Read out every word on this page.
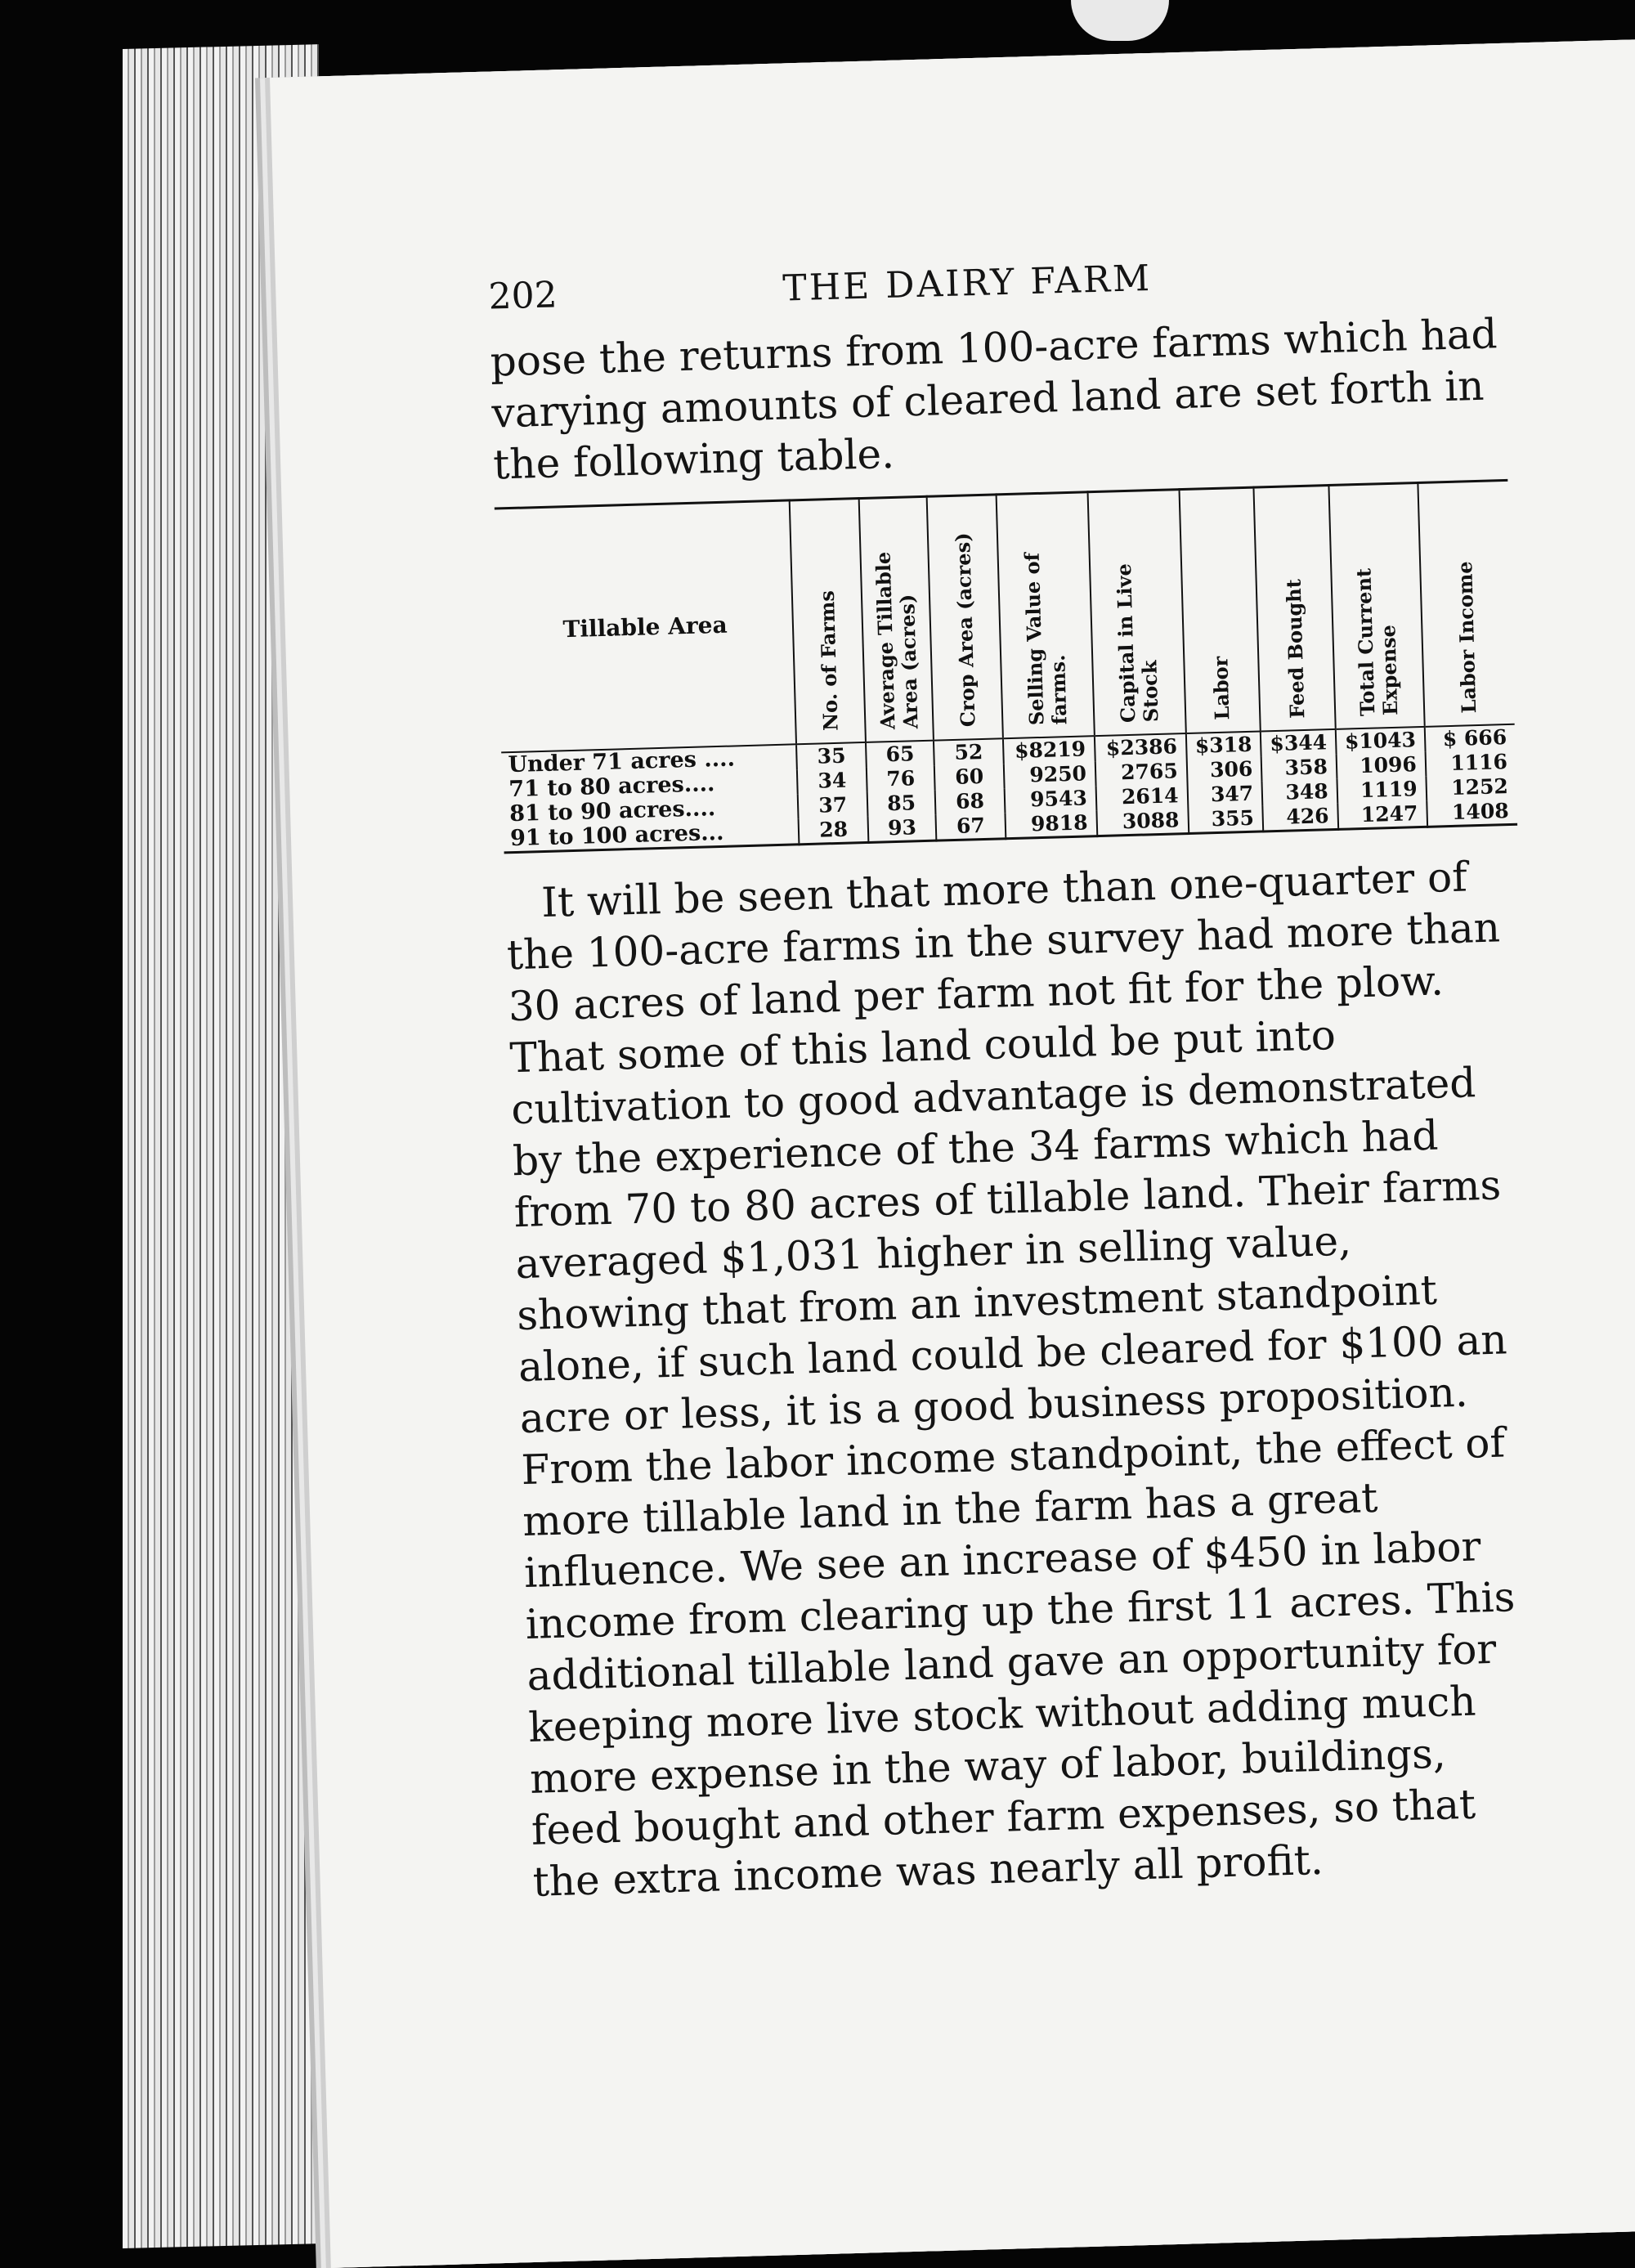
202	THE DAIRY FARM

pose the returns from 100-acre farms which had varying amounts of cleared land are set forth in the following table.

Tillable Area	No. of Farms	Average Tillable Area (acres)	Crop Area (acres)	Selling Value of farms.	Capital in Live Stock	Labor	Feed Bought	Total Current Expense	Labor Income
Under 71 acres ....	35	65	52	$8219	$2386	$318	$344	$1043	$ 666
71 to 80 acres....	34	76	60	9250	2765	306	358	1096	1116
81 to 90 acres....	37	85	68	9543	2614	347	348	1119	1252
91 to 100 acres...	28	93	67	9818	3088	355	426	1247	1408

It will be seen that more than one-quarter of the 100-acre farms in the survey had more than 30 acres of land per farm not fit for the plow. That some of this land could be put into cultivation to good advantage is demonstrated by the experience of the 34 farms which had from 70 to 80 acres of tillable land. Their farms averaged $1,031 higher in selling value, showing that from an investment standpoint alone, if such land could be cleared for $100 an acre or less, it is a good business proposition. From the labor income standpoint, the effect of more tillable land in the farm has a great influence. We see an increase of $450 in labor income from clearing up the first 11 acres. This additional tillable land gave an opportunity for keeping more live stock without adding much more expense in the way of labor, buildings, feed bought and other farm expenses, so that the extra income was nearly all profit.
